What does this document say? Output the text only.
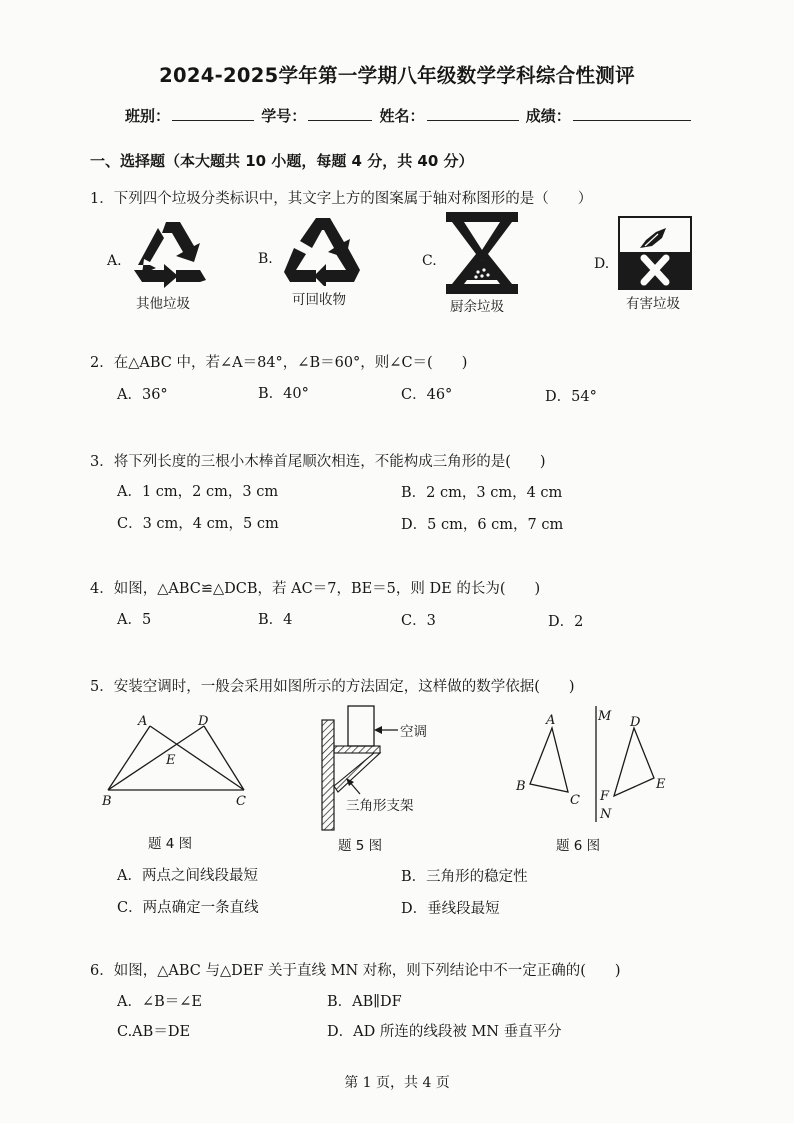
2024-2025学年第一学期八年级数学学科综合性测评
班别：	学号：	姓名：	成绩：
一、选择题（本大题共 10 小题，每题 4 分，共 40 分）
1．下列四个垃圾分类标识中，其文字上方的图案属于轴对称图形的是（　　）
A.	B.	C.	D.
其他垃圾	可回收物	厨余垃圾	有害垃圾
2．在△ABC 中，若∠A＝84°，∠B＝60°，则∠C＝(　　)
A．36°	B．40°	C．46°	D．54°
3．将下列长度的三根小木棒首尾顺次相连，不能构成三角形的是(　　)
A．1 cm，2 cm，3 cm	B．2 cm，3 cm，4 cm
C．3 cm，4 cm，5 cm	D．5 cm，6 cm，7 cm
4．如图，△ABC≌△DCB，若 AC＝7，BE＝5，则 DE 的长为(　　)
A．5	B．4	C．3	D．2
5．安装空调时，一般会采用如图所示的方法固定，这样做的数学依据(　　)
A	D
E
B	C
题 4 图
空调
三角形支架
题 5 图
A
B
C
D
E
F
M
N
题 6 图
A．两点之间线段最短	B．三角形的稳定性
C．两点确定一条直线	D．垂线段最短
6．如图，△ABC 与△DEF 关于直线 MN 对称，则下列结论中不一定正确的(　　)
A．∠B＝∠E	B．AB∥DF
C.AB＝DE	D．AD 所连的线段被 MN 垂直平分
第 1 页，共 4 页
